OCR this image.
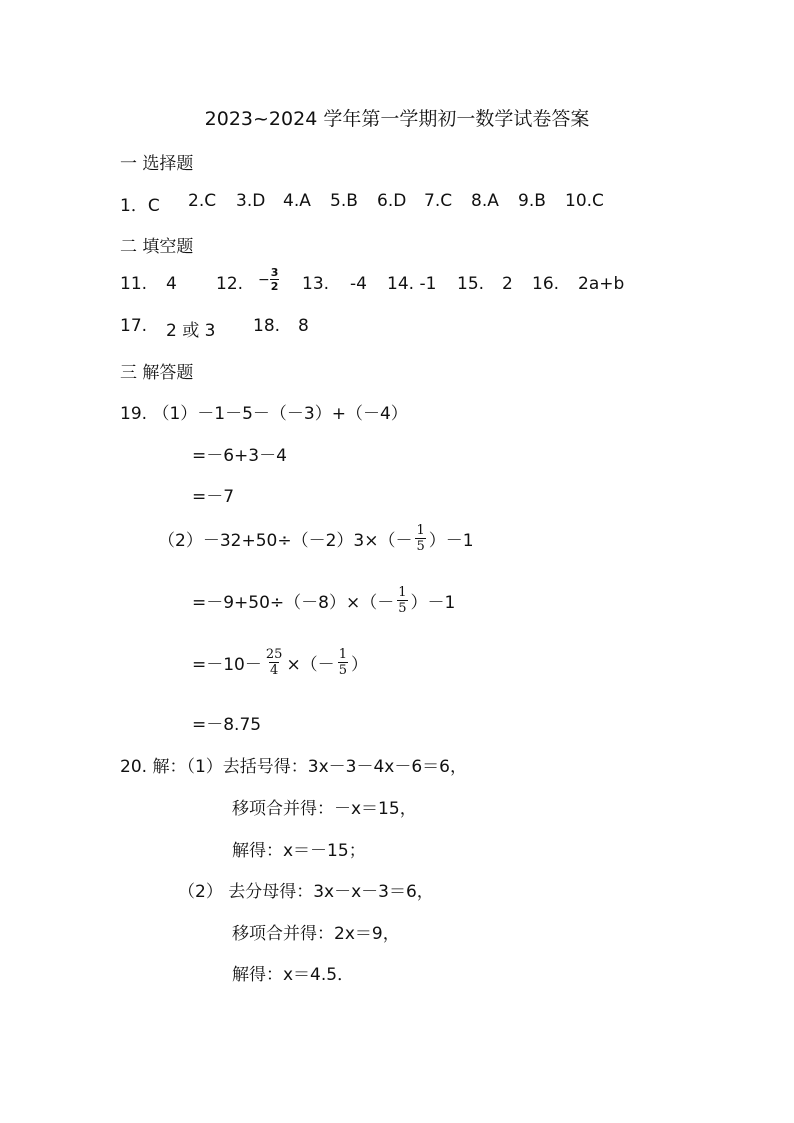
2023~2024 学年第一学期初一数学试卷答案
一 选择题
1．C 2.C 3.D 4.A 5.B 6.D 7.C 8.A 9.B 10.C
二 填空题
11. 4 12. − $\frac{3}{2} 13$. -4 14. -1 15. 2 16. 2a+b
17. 2 或 3 18. 8
三 解答题
19. （1）－1－5－（－3）+（－4）
=－6+3－4
=－7
$(2)-32+50\div(-2)3\times(- \frac{1}{5} )-1$
$=-9+50\div(-8)\times(- \frac{1}{5} )-1$
$=-10- \frac{25}{4}$ ×（－ $\frac{1}{5}$ ）
=－8.75
20. 解：（1）去括号得：3x－3－4x－6＝6，
移项合并得：－x＝15，
解得：x＝－15；
（2） 去分母得：3x－x－3＝6，
移项合并得：2x＝9，
解得：x＝4.5．
